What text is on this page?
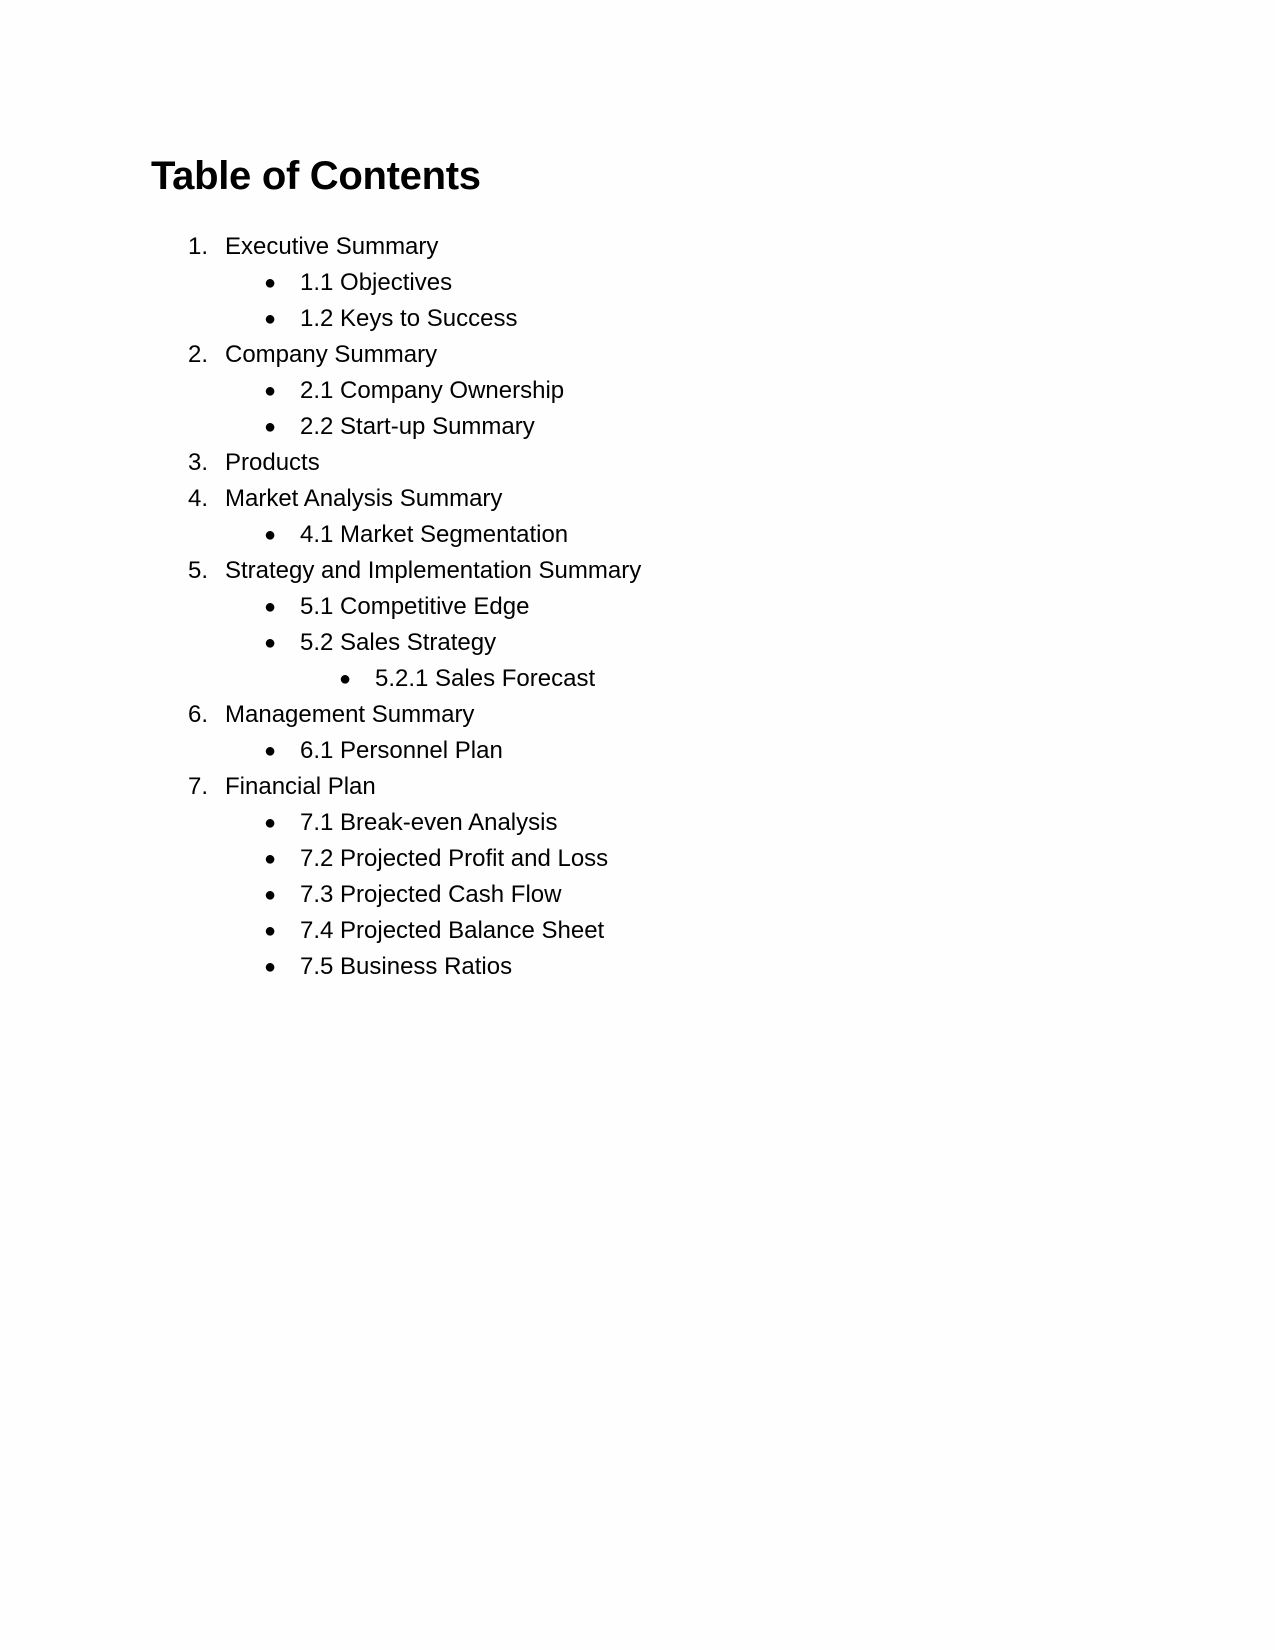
Table of Contents
1. Executive Summary
● 1.1 Objectives
● 1.2 Keys to Success
2. Company Summary
● 2.1 Company Ownership
● 2.2 Start-up Summary
3. Products
4. Market Analysis Summary
● 4.1 Market Segmentation
5. Strategy and Implementation Summary
● 5.1 Competitive Edge
● 5.2 Sales Strategy
● 5.2.1 Sales Forecast
6. Management Summary
● 6.1 Personnel Plan
7. Financial Plan
● 7.1 Break-even Analysis
● 7.2 Projected Profit and Loss
● 7.3 Projected Cash Flow
● 7.4 Projected Balance Sheet
● 7.5 Business Ratios
